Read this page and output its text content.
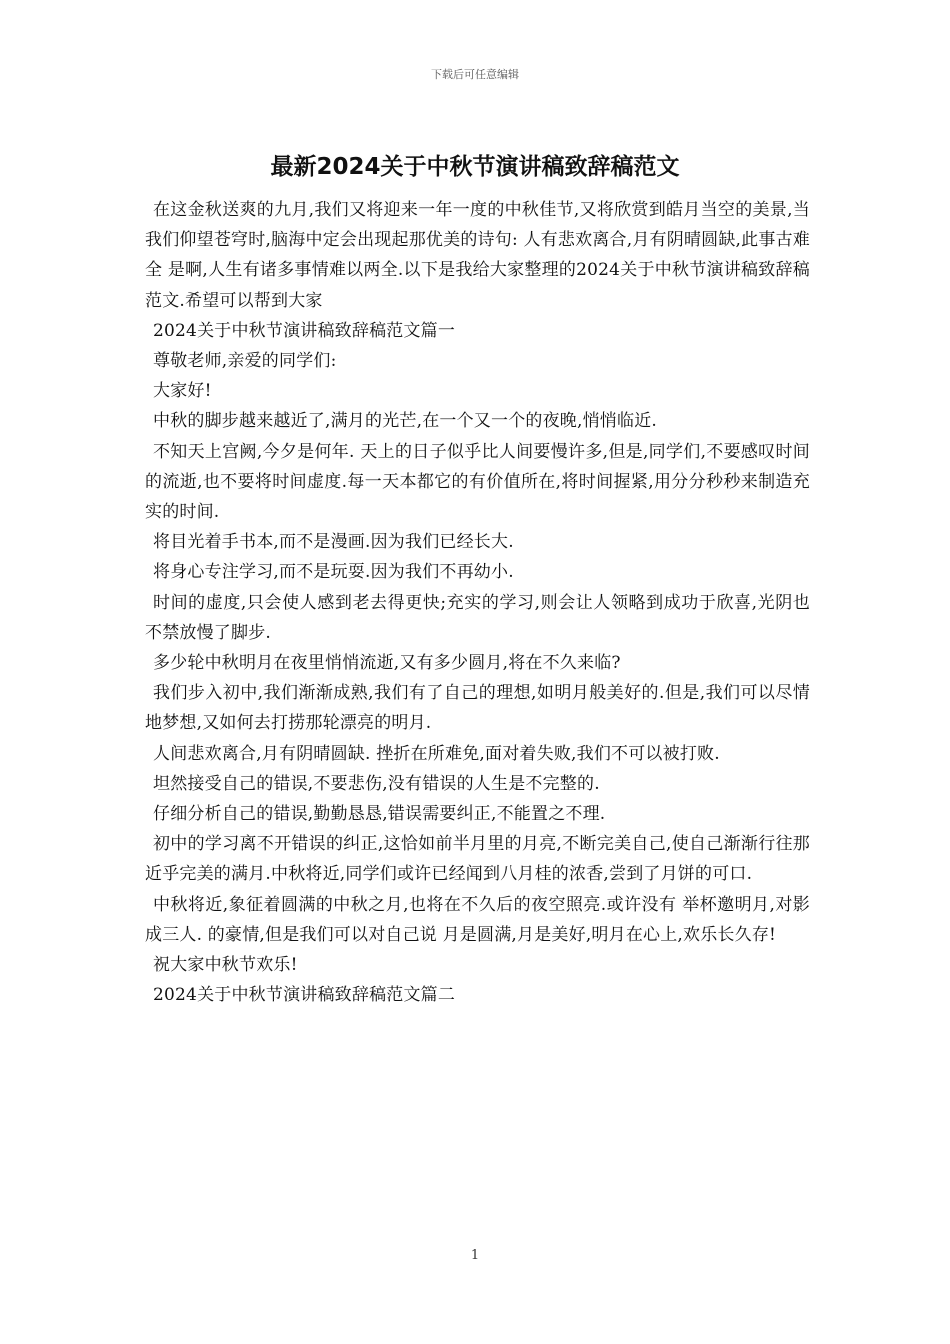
下载后可任意编辑
最新2024关于中秋节演讲稿致辞稿范文

在这金秋送爽的九月,我们又将迎来一年一度的中秋佳节,又将欣赏到皓月当空的美景,当我们仰望苍穹时,脑海中定会出现起那优美的诗句: 人有悲欢离合,月有阴晴圆缺,此事古难全 是啊,人生有诸多事情难以两全.以下是我给大家整理的2024关于中秋节演讲稿致辞稿范文.希望可以帮到大家

2024关于中秋节演讲稿致辞稿范文篇一

尊敬老师,亲爱的同学们:

大家好!

中秋的脚步越来越近了,满月的光芒,在一个又一个的夜晚,悄悄临近.

不知天上宫阙,今夕是何年. 天上的日子似乎比人间要慢许多,但是,同学们,不要感叹时间的流逝,也不要将时间虚度.每一天本都它的有价值所在,将时间握紧,用分分秒秒来制造充实的时间.

将目光着手书本,而不是漫画.因为我们已经长大.

将身心专注学习,而不是玩耍.因为我们不再幼小.

时间的虚度,只会使人感到老去得更快;充实的学习,则会让人领略到成功于欣喜,光阴也不禁放慢了脚步.

多少轮中秋明月在夜里悄悄流逝,又有多少圆月,将在不久来临?

我们步入初中,我们渐渐成熟,我们有了自己的理想,如明月般美好的.但是,我们可以尽情地梦想,又如何去打捞那轮漂亮的明月.

人间悲欢离合,月有阴晴圆缺. 挫折在所难免,面对着失败,我们不可以被打败.

坦然接受自己的错误,不要悲伤,没有错误的人生是不完整的.

仔细分析自己的错误,勤勤恳恳,错误需要纠正,不能置之不理.

初中的学习离不开错误的纠正,这恰如前半月里的月亮,不断完美自己,使自己渐渐行往那近乎完美的满月.中秋将近,同学们或许已经闻到八月桂的浓香,尝到了月饼的可口.

中秋将近,象征着圆满的中秋之月,也将在不久后的夜空照亮.或许没有 举杯邀明月,对影成三人. 的豪情,但是我们可以对自己说 月是圆满,月是美好,明月在心上,欢乐长久存!

祝大家中秋节欢乐!

2024关于中秋节演讲稿致辞稿范文篇二

1
